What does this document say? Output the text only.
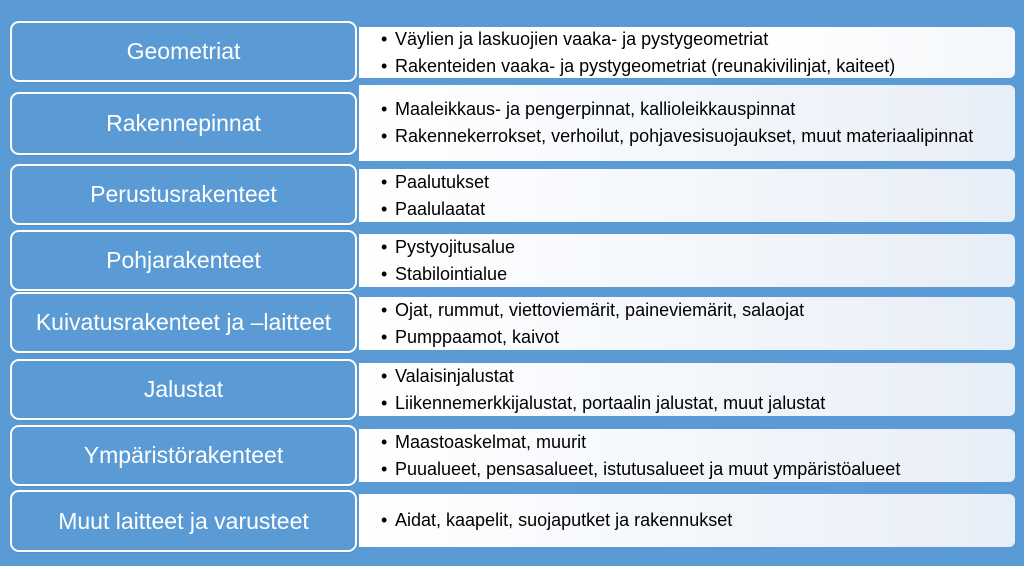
Geometriat	• Väylien ja laskuojien vaaka- ja pystygeometriat
• Rakenteiden vaaka- ja pystygeometriat (reunakivilinjat, kaiteet)
Rakennepinnat
• Maaleikkaus- ja pengerpinnat, kallioleikkauspinnat
• Rakennekerrokset, verhoilut, pohjavesisuojaukset, muut materiaalipinnat
Perustusrakenteet	• Paalutukset
• Paalulaatat
Pohjarakenteet
• Pystyojitusalue
• Stabilointialue
Kuivatusrakenteet ja –laitteet	• Ojat, rummut, viettoviemärit, paineviemärit, salaojat
• Pumppaamot, kaivot
Jalustat
• Valaisinjalustat
• Liikennemerkkijalustat, portaalin jalustat, muut jalustat
Ympäristörakenteet
• Maastoaskelmat, muurit
• Puualueet, pensasalueet, istutusalueet ja muut ympäristöalueet
Muut laitteet ja varusteet	• Aidat, kaapelit, suojaputket ja rakennukset
